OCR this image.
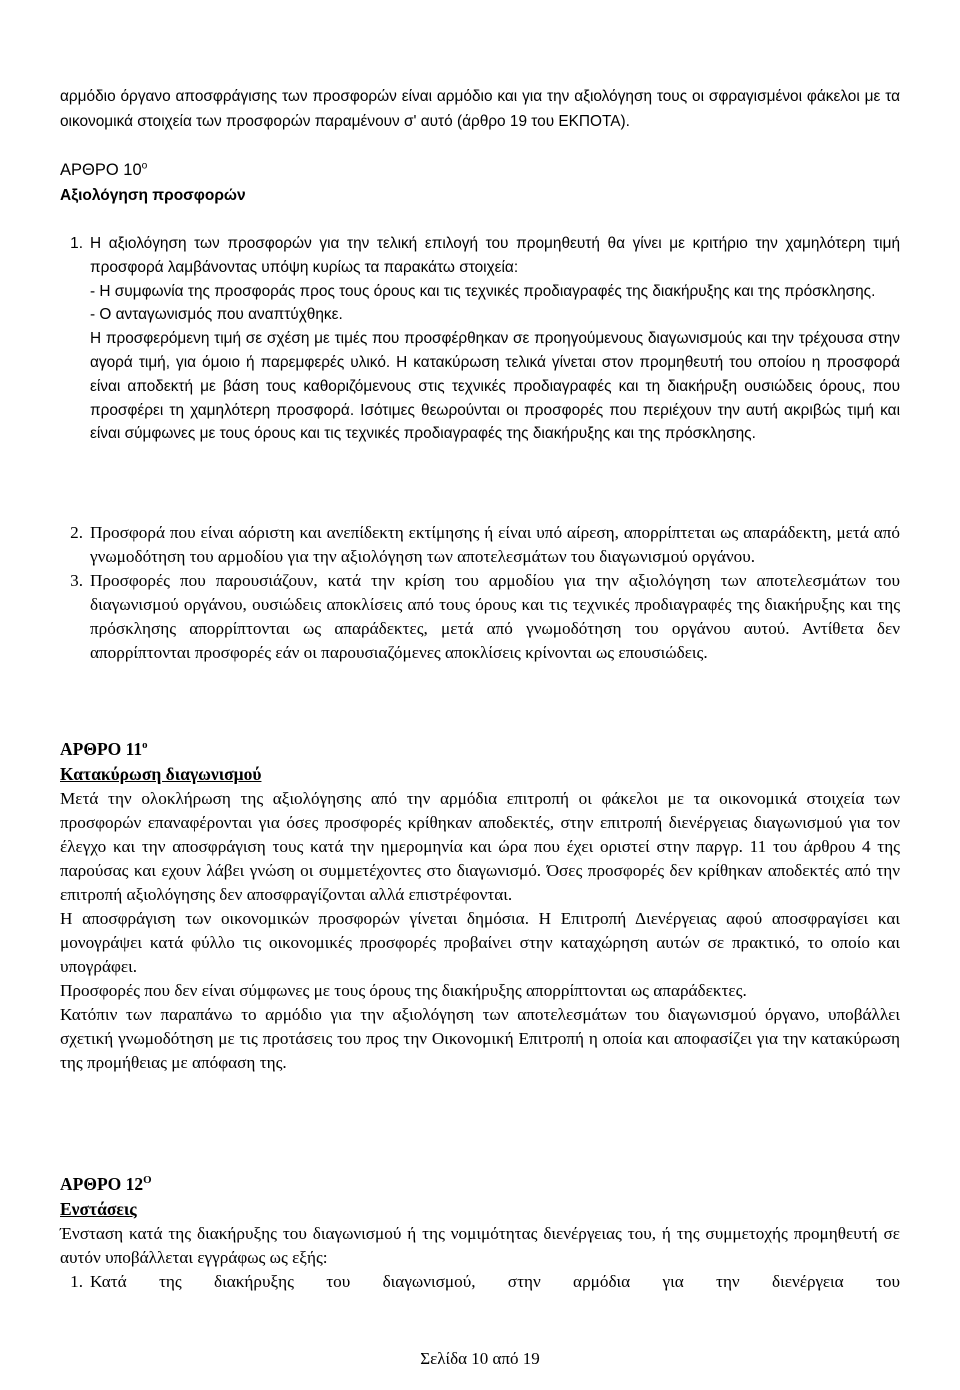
αρμόδιο όργανο αποσφράγισης των προσφορών είναι αρμόδιο και για την αξιολόγηση τους οι σφραγισμένοι φάκελοι με τα οικονομικά στοιχεία των προσφορών παραμένουν σ' αυτό (άρθρο 19 του ΕΚΠΟΤΑ).

ΑΡΘΡΟ $10^o$
Αξιολόγηση προσφορών
1. Η αξιολόγηση των προσφορών για την τελική επιλογή του προμηθευτή θα γίνει με κριτήριο την χαμηλότερη τιμή προσφορά λαμβάνοντας υπόψη κυρίως τα παρακάτω στοιχεία:
- Η συμφωνία της προσφοράς προς τους όρους και τις τεχνικές προδιαγραφές της διακήρυξης και της πρόσκλησης.
- Ο ανταγωνισμός που αναπτύχθηκε.
Η προσφερόμενη τιμή σε σχέση με τιμές που προσφέρθηκαν σε προηγούμενους διαγωνισμούς και την τρέχουσα στην αγορά τιμή, για όμοιο ή παρεμφερές υλικό. Η κατακύρωση τελικά γίνεται στον προμηθευτή του οποίου η προσφορά είναι αποδεκτή με βάση τους καθοριζόμενους στις τεχνικές προδιαγραφές και τη διακήρυξη ουσιώδεις όρους, που προσφέρει τη χαμηλότερη προσφορά. Ισότιμες θεωρούνται οι προσφορές που περιέχουν την αυτή ακριβώς τιμή και είναι σύμφωνες με τους όρους και τις τεχνικές προδιαγραφές της διακήρυξης και της πρόσκλησης.
2. Προσφορά που είναι αόριστη και ανεπίδεκτη εκτίμησης ή είναι υπό αίρεση, απορρίπτεται ως απαράδεκτη, μετά από γνωμοδότηση του αρμοδίου για την αξιολόγηση των αποτελεσμάτων του διαγωνισμού οργάνου.
3. Προσφορές που παρουσιάζουν, κατά την κρίση του αρμοδίου για την αξιολόγηση των αποτελεσμάτων του διαγωνισμού οργάνου, ουσιώδεις αποκλίσεις από τους όρους και τις τεχνικές προδιαγραφές της διακήρυξης και της πρόσκλησης απορρίπτονται ως απαράδεκτες, μετά από γνωμοδότηση του οργάνου αυτού. Αντίθετα δεν απορρίπτονται προσφορές εάν οι παρουσιαζόμενες αποκλίσεις κρίνονται ως επουσιώδεις.
ΑΡΘΡΟ $11^o$
Κατακύρωση διαγωνισμού

Μετά την ολοκλήρωση της αξιολόγησης από την αρμόδια επιτροπή οι φάκελοι με τα οικονομικά στοιχεία των προσφορών επαναφέρονται για όσες προσφορές κρίθηκαν αποδεκτές, στην επιτροπή διενέργειας διαγωνισμού για τον έλεγχο και την αποσφράγιση τους κατά την ημερομηνία και ώρα που έχει οριστεί στην παργρ. 11 του άρθρου 4 της παρούσας και εχουν λάβει γνώση οι συμμετέχοντες στο διαγωνισμό. Όσες προσφορές δεν κρίθηκαν αποδεκτές από την επιτροπή αξιολόγησης δεν αποσφραγίζονται αλλά επιστρέφονται.

Η αποσφράγιση των οικονομικών προσφορών γίνεται δημόσια. Η Επιτροπή Διενέργειας αφού αποσφραγίσει και μονογράψει κατά φύλλο τις οικονομικές προσφορές προβαίνει στην καταχώρηση αυτών σε πρακτικό, το οποίο και υπογράφει.

Προσφορές που δεν είναι σύμφωνες με τους όρους της διακήρυξης απορρίπτονται ως απαράδεκτες.

Κατόπιν των παραπάνω το αρμόδιο για την αξιολόγηση των αποτελεσμάτων του διαγωνισμού όργανο, υποβάλλει σχετική γνωμοδότηση με τις προτάσεις του προς την Οικονομική Επιτροπή η οποία και αποφασίζει για την κατακύρωση της προμήθειας με απόφαση της.

ΑΡΘΡΟ $12^O$
Ενστάσεις

Ένσταση κατά της διακήρυξης του διαγωνισμού ή της νομιμότητας διενέργειας του, ή της συμμετοχής προμηθευτή σε αυτόν υποβάλλεται εγγράφως ως εξής:

1. Κατά της διακήρυξης του διαγωνισμού, στην αρμόδια για την διενέργεια του
Σελίδα 10 από 19
